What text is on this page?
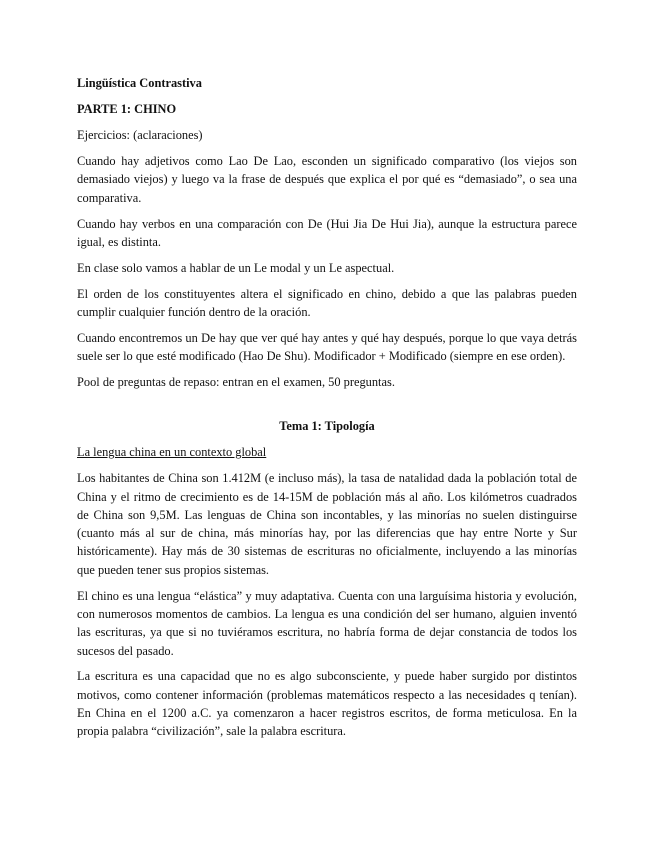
Lingüística Contrastiva

PARTE 1: CHINO

Ejercicios: (aclaraciones)

Cuando hay adjetivos como Lao De Lao, esconden un significado comparativo (los viejos son demasiado viejos) y luego va la frase de después que explica el por qué es “demasiado”, o sea una comparativa.

Cuando hay verbos en una comparación con De (Hui Jia De Hui Jia), aunque la estructura parece igual, es distinta.

En clase solo vamos a hablar de un Le modal y un Le aspectual.

El orden de los constituyentes altera el significado en chino, debido a que las palabras pueden cumplir cualquier función dentro de la oración.

Cuando encontremos un De hay que ver qué hay antes y qué hay después, porque lo que vaya detrás suele ser lo que esté modificado (Hao De Shu). Modificador + Modificado (siempre en ese orden).

Pool de preguntas de repaso: entran en el examen, 50 preguntas.

Tema 1: Tipología

La lengua china en un contexto global

Los habitantes de China son 1.412M (e incluso más), la tasa de natalidad dada la población total de China y el ritmo de crecimiento es de 14-15M de población más al año. Los kilómetros cuadrados de China son 9,5M. Las lenguas de China son incontables, y las minorías no suelen distinguirse (cuanto más al sur de china, más minorías hay, por las diferencias que hay entre Norte y Sur históricamente). Hay más de 30 sistemas de escrituras no oficialmente, incluyendo a las minorías que pueden tener sus propios sistemas.

El chino es una lengua “elástica” y muy adaptativa. Cuenta con una larguísima historia y evolución, con numerosos momentos de cambios. La lengua es una condición del ser humano, alguien inventó las escrituras, ya que si no tuviéramos escritura, no habría forma de dejar constancia de todos los sucesos del pasado.

La escritura es una capacidad que no es algo subconsciente, y puede haber surgido por distintos motivos, como contener información (problemas matemáticos respecto a las necesidades q tenían). En China en el 1200 a.C. ya comenzaron a hacer registros escritos, de forma meticulosa. En la propia palabra “civilización”, sale la palabra escritura.
